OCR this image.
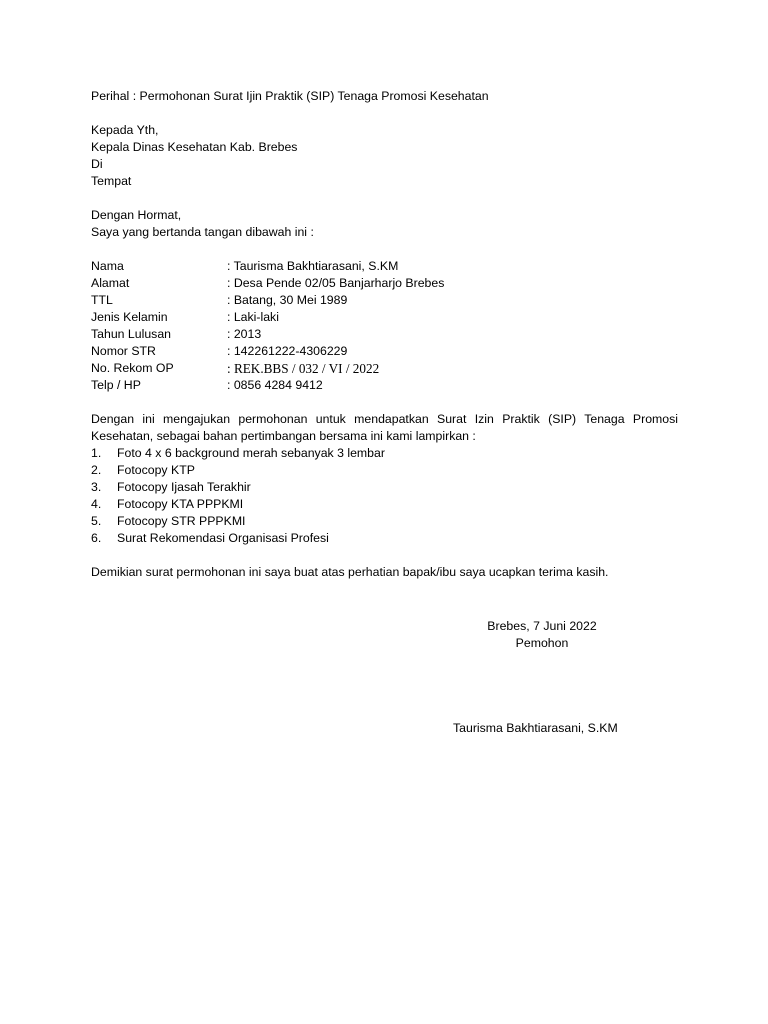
Perihal : Permohonan Surat Ijin Praktik (SIP) Tenaga Promosi Kesehatan
Kepada Yth,
Kepala Dinas Kesehatan Kab. Brebes
Di
Tempat
Dengan Hormat,
Saya yang bertanda tangan dibawah ini :
Nama	: Taurisma Bakhtiarasani, S.KM
Alamat	: Desa Pende 02/05 Banjarharjo Brebes
TTL	: Batang, 30 Mei 1989
Jenis Kelamin	: Laki-laki
Tahun Lulusan	: 2013
Nomor STR	: 142261222-4306229
No. Rekom OP	: REK.BBS / 032 / VI / 2022
Telp / HP	: 0856 4284 9412
Dengan ini mengajukan permohonan untuk mendapatkan Surat Izin Praktik (SIP) Tenaga Promosi Kesehatan, sebagai bahan pertimbangan bersama ini kami lampirkan :
1.	Foto 4 x 6 background merah sebanyak 3 lembar
2.	Fotocopy KTP
3.	Fotocopy Ijasah Terakhir
4.	Fotocopy KTA PPPKMI
5.	Fotocopy STR PPPKMI
6.	Surat Rekomendasi Organisasi Profesi
Demikian surat permohonan ini saya buat atas perhatian bapak/ibu saya ucapkan terima kasih.
Brebes, 7 Juni 2022
Pemohon
Taurisma Bakhtiarasani, S.KM
